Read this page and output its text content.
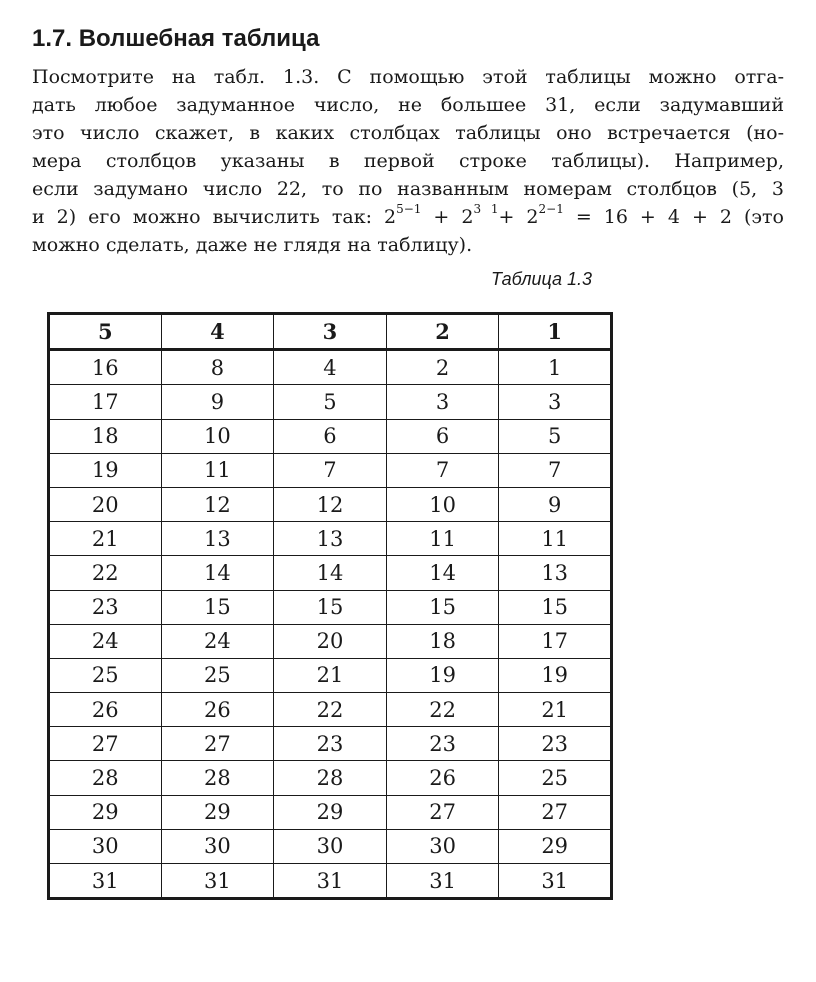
1.7. Волшебная таблица
Посмотрите на табл. 1.3. С помощью этой таблицы можно отга-
дать любое задуманное число, не большее 31, если задумавший
это число скажет, в каких столбцах таблицы оно встречается (но-
мера столбцов указаны в первой строке таблицы). Например,
если задумано число 22, то по названным номерам столбцов (5, 3
и 2) его можно вычислить так: $2^{5-1} + 2^{3 1}+ 2^{2-1} = 16 + 4 + 2$ (это
можно сделать, даже не глядя на таблицу).
Таблица 1.3
5	4	3	2	1
16	8	4	2	1
17	9	5	3	3
18	10	6	6	5
19	11	7	7	7
20	12	12	10	9
21	13	13	11	11
22	14	14	14	13
23	15	15	15	15
24	24	20	18	17
25	25	21	19	19
26	26	22	22	21
27	27	23	23	23
28	28	28	26	25
29	29	29	27	27
30	30	30	30	29
31	31	31	31	31
